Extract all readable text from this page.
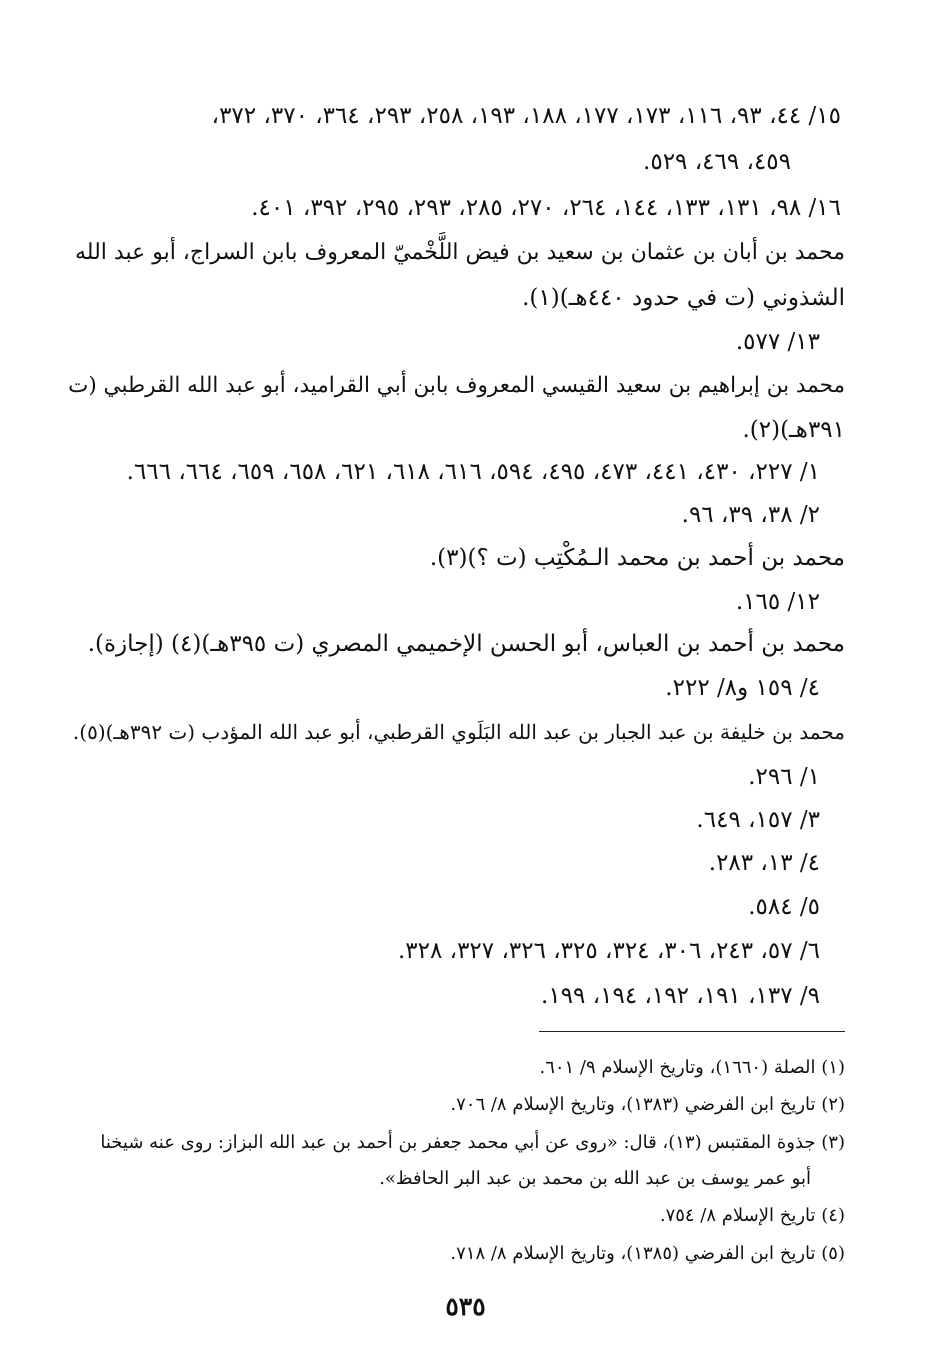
١٥/ ٤٤، ٩٣، ١١٦، ١٧٣، ١٧٧، ١٨٨، ١٩٣، ٢٥٨، ٢٩٣، ٣٦٤، ٣٧٠، ٣٧٢،
٤٥٩، ٤٦٩، ٥٢٩.
١٦/ ٩٨، ١٣١، ١٣٣، ١٤٤، ٢٦٤، ٢٧٠، ٢٨٥، ٢٩٣، ٢٩٥، ٣٩٢، ٤٠١.
محمد بن أبان بن عثمان بن سعيد بن فيض اللَّخْميّ المعروف بابن السراج، أبو عبد الله
الشذوني (ت في حدود ٤٤٠هـ)(١).
١٣/ ٥٧٧.
محمد بن إبراهيم بن سعيد القيسي المعروف بابن أبي القراميد، أبو عبد الله القرطبي (ت
٣٩١هـ)(٢).
١/ ٢٢٧، ٤٣٠، ٤٤١، ٤٧٣، ٤٩٥، ٥٩٤، ٦١٦، ٦١٨، ٦٢١، ٦٥٨، ٦٥٩، ٦٦٤، ٦٦٦.
٢/ ٣٨، ٣٩، ٩٦.
محمد بن أحمد بن محمد الـمُكْتِب (ت ؟)(٣).
١٢/ ١٦٥.
محمد بن أحمد بن العباس، أبو الحسن الإخميمي المصري (ت ٣٩٥هـ)(٤) (إجازة).
٤/ ١٥٩ و٨/ ٢٢٢.
محمد بن خليفة بن عبد الجبار بن عبد الله البَلَوي القرطبي، أبو عبد الله المؤدب (ت ٣٩٢هـ)(٥).
١/ ٢٩٦.
٣/ ١٥٧، ٦٤٩.
٤/ ١٣، ٢٨٣.
٥/ ٥٨٤.
٦/ ٥٧، ٢٤٣، ٣٠٦، ٣٢٤، ٣٢٥، ٣٢٦، ٣٢٧، ٣٢٨.
٩/ ١٣٧، ١٩١، ١٩٢، ١٩٤، ١٩٩.
(١) الصلة (١٦٦٠)، وتاريخ الإسلام ٩/ ٦٠١.
(٢) تاريخ ابن الفرضي (١٣٨٣)، وتاريخ الإسلام ٨/ ٧٠٦.
(٣) جذوة المقتبس (١٣)، قال: «روى عن أبي محمد جعفر بن أحمد بن عبد الله البزاز: روى عنه شيخنا
أبو عمر يوسف بن عبد الله بن محمد بن عبد البر الحافظ».
(٤) تاريخ الإسلام ٨/ ٧٥٤.
(٥) تاريخ ابن الفرضي (١٣٨٥)، وتاريخ الإسلام ٨/ ٧١٨.
٥٣٥
